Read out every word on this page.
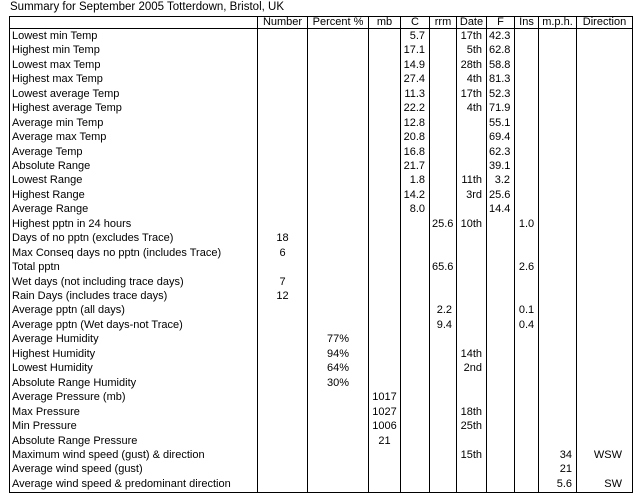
Summary for September 2005 Totterdown, Bristol, UK
	Number	Percent %	mb	C	rrm	Date	F	Ins	m.p.h.	Direction
Lowest min Temp				5.7		17th	42.3			
Highest min Temp				17.1		5th	62.8			
Lowest max Temp				14.9		28th	58.8			
Highest max Temp				27.4		4th	81.3			
Lowest average Temp				11.3		17th	52.3			
Highest average Temp				22.2		4th	71.9			
Average min Temp				12.8			55.1			
Average max Temp				20.8			69.4			
Average Temp				16.8			62.3			
Absolute Range				21.7			39.1			
Lowest Range				1.8		11th	3.2			
Highest Range				14.2		3rd	25.6			
Average Range				8.0			14.4			
Highest pptn in 24 hours					25.6	10th		1.0		
Days of no pptn (excludes Trace)	18									
Max Conseq days no pptn (includes Trace)	6									
Total pptn					65.6			2.6		
Wet days (not including trace days)	7									
Rain Days (includes trace days)	12									
Average pptn (all days)					2.2			0.1		
Average pptn (Wet days-not Trace)					9.4			0.4		
Average Humidity		77%								
Highest Humidity		94%				14th				
Lowest Humidity		64%				2nd				
Absolute Range Humidity		30%								
Average Pressure (mb)			1017							
Max Pressure			1027			18th				
Min Pressure			1006			25th				
Absolute Range Pressure			21							
Maximum wind speed (gust) & direction						15th			34	WSW
Average wind speed (gust)									21	
Average wind speed & predominant direction									5.6	SW
